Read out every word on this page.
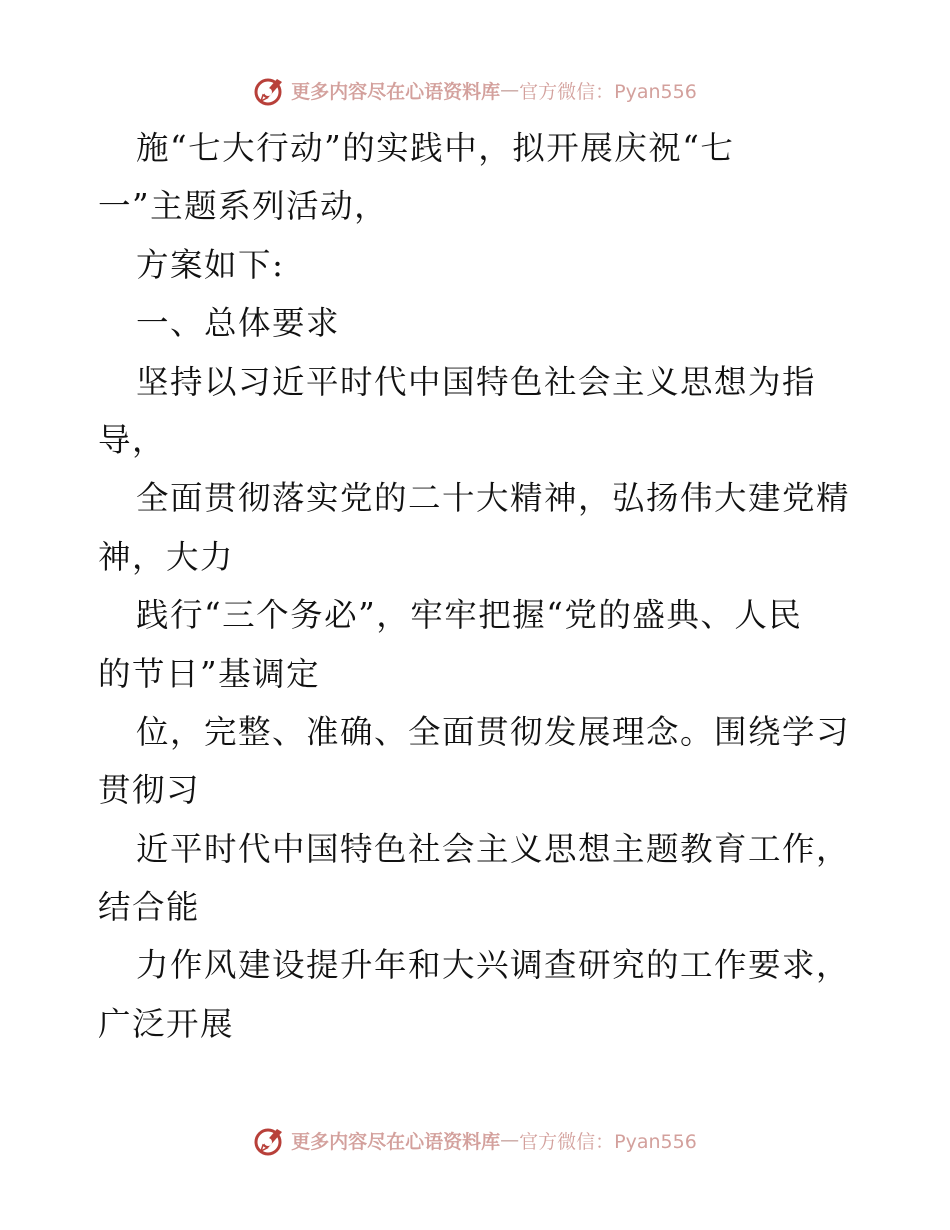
更多内容尽在心语资料库 — 官方微信：Pyan556
施“七大行动”的实践中，拟开展庆祝“七
一”主题系列活动，
方案如下:
一、总体要求
坚持以习近平时代中国特色社会主义思想为指
导，
全面贯彻落实党的二十大精神，弘扬伟大建党精
神，大力
践行“三个务必”，牢牢把握“党的盛典、人民
的节日”基调定
位，完整、准确、全面贯彻发展理念。围绕学习
贯彻习
近平时代中国特色社会主义思想主题教育工作，
结合能
力作风建设提升年和大兴调查研究的工作要求，
广泛开展
更多内容尽在心语资料库 — 官方微信：Pyan556
